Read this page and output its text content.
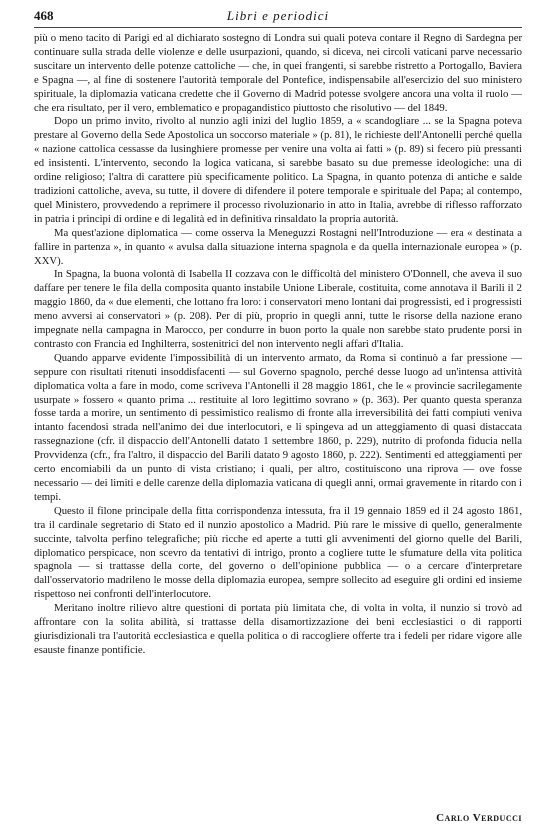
468	Libri e periodici

più o meno tacito di Parigi ed al dichiarato sostegno di Londra sui quali poteva contare il Regno di Sardegna per continuare sulla strada delle violenze e delle usurpazioni, quando, si diceva, nei circoli vaticani parve necessario suscitare un intervento delle potenze cattoliche — che, in quei frangenti, si sarebbe ristretto a Portogallo, Baviera e Spagna —, al fine di sostenere l'autorità temporale del Pontefice, indispensabile all'esercizio del suo ministero spirituale, la diplomazia vaticana credette che il Governo di Madrid potesse svolgere ancora una volta il ruolo — che era risultato, per il vero, emblematico e propagandistico piuttosto che risolutivo — del 1849.

Dopo un primo invito, rivolto al nunzio agli inizi del luglio 1859, a « scandogliare ... se la Spagna poteva prestare al Governo della Sede Apostolica un soccorso materiale » (p. 81), le richieste dell'Antonelli perché quella « nazione cattolica cessasse da lusinghiere promesse per venire una volta ai fatti » (p. 89) si fecero più pressanti ed insistenti. L'intervento, secondo la logica vaticana, si sarebbe basato su due premesse ideologiche: una di ordine religioso; l'altra di carattere più specificamente politico. La Spagna, in quanto potenza di antiche e salde tradizioni cattoliche, aveva, su tutte, il dovere di difendere il potere temporale e spirituale del Papa; al contempo, quel Ministero, provvedendo a reprimere il processo rivoluzionario in atto in Italia, avrebbe di riflesso rafforzato in patria i principi di ordine e di legalità ed in definitiva rinsaldato la propria autorità.

Ma quest'azione diplomatica — come osserva la Meneguzzi Rostagni nell'Introduzione — era « destinata a fallire in partenza », in quanto « avulsa dalla situazione interna spagnola e da quella internazionale europea » (p. XXV).

In Spagna, la buona volontà di Isabella II cozzava con le difficoltà del ministero O'Donnell, che aveva il suo daffare per tenere le fila della composita quanto instabile Unione Liberale, costituita, come annotava il Barili il 2 maggio 1860, da « due elementi, che lottano fra loro: i conservatori meno lontani dai progressisti, ed i progressisti meno avversi ai conservatori » (p. 208). Per di più, proprio in quegli anni, tutte le risorse della nazione erano impegnate nella campagna in Marocco, per condurre in buon porto la quale non sarebbe stato prudente porsi in contrasto con Francia ed Inghilterra, sostenitrici del non intervento negli affari d'Italia.

Quando apparve evidente l'impossibilità di un intervento armato, da Roma si continuò a far pressione — seppure con risultati ritenuti insoddisfacenti — sul Governo spagnolo, perché desse luogo ad un'intensa attività diplomatica volta a fare in modo, come scriveva l'Antonelli il 28 maggio 1861, che le « provincie sacrilegamente usurpate » fossero « quanto prima ... restituite al loro legittimo sovrano » (p. 363). Per quanto questa speranza fosse tarda a morire, un sentimento di pessimistico realismo di fronte alla irreversibilità dei fatti compiuti veniva intanto facendosi strada nell'animo dei due interlocutori, e li spingeva ad un atteggiamento di quasi distaccata rassegnazione (cfr. il dispaccio dell'Antonelli datato 1 settembre 1860, p. 229), nutrito di profonda fiducia nella Provvidenza (cfr., fra l'altro, il dispaccio del Barili datato 9 agosto 1860, p. 222). Sentimenti ed atteggiamenti per certo encomiabili da un punto di vista cristiano; i quali, per altro, costituiscono una riprova — ove fosse necessario — dei limiti e delle carenze della diplomazia vaticana di quegli anni, ormai gravemente in ritardo con i tempi.

Questo il filone principale della fitta corrispondenza intessuta, fra il 19 gennaio 1859 ed il 24 agosto 1861, tra il cardinale segretario di Stato ed il nunzio apostolico a Madrid. Più rare le missive di quello, generalmente succinte, talvolta perfino telegrafiche; più ricche ed aperte a tutti gli avvenimenti del giorno quelle del Barili, diplomatico perspicace, non scevro da tentativi di intrigo, pronto a cogliere tutte le sfumature della vita politica spagnola — si trattasse della corte, del governo o dell'opinione pubblica — o a cercare d'interpretare dall'osservatorio madrileno le mosse della diplomazia europea, sempre sollecito ad eseguire gli ordini ed insieme rispettoso nei confronti dell'interlocutore.

Meritano inoltre rilievo altre questioni di portata più limitata che, di volta in volta, il nunzio si trovò ad affrontare con la solita abilità, si trattasse della disamortizzazione dei beni ecclesiastici o di rapporti giurisdizionali tra l'autorità ecclesiastica e quella politica o di raccogliere offerte tra i fedeli per ridare vigore alle esauste finanze pontificie.

Carlo Verducci
